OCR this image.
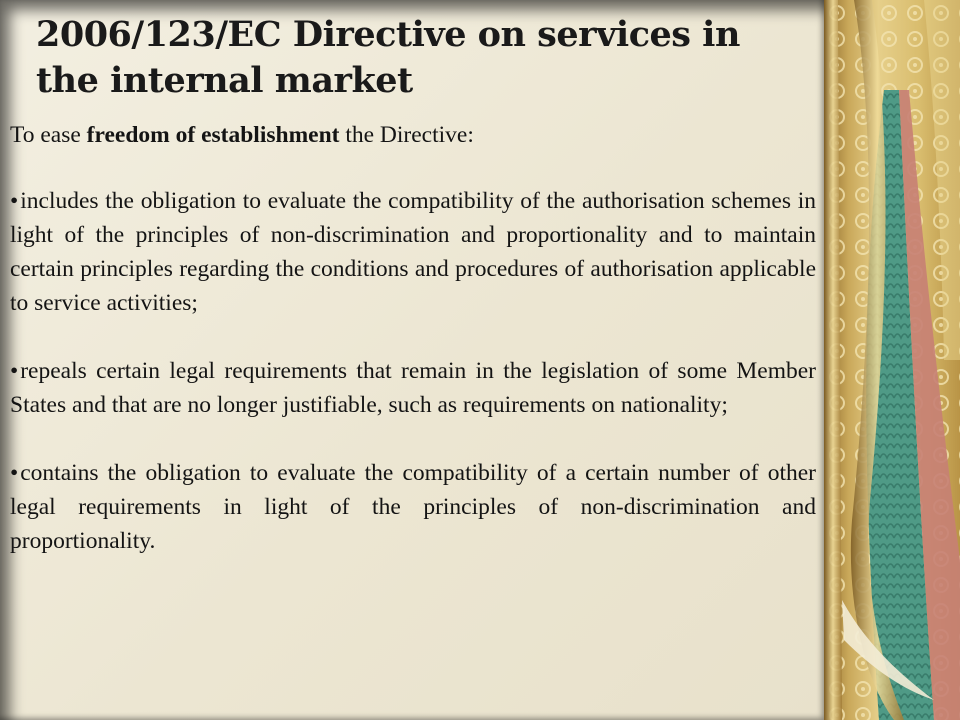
2006/123/EC Directive on services in the internal market

To ease freedom of establishment the Directive:

•includes the obligation to evaluate the compatibility of the authorisation schemes in light of the principles of non-discrimination and proportionality and to maintain certain principles regarding the conditions and procedures of authorisation applicable to service activities;

•repeals certain legal requirements that remain in the legislation of some Member States and that are no longer justifiable, such as requirements on nationality;

•contains the obligation to evaluate the compatibility of a certain number of other legal requirements in light of the principles of non-discrimination and proportionality.
